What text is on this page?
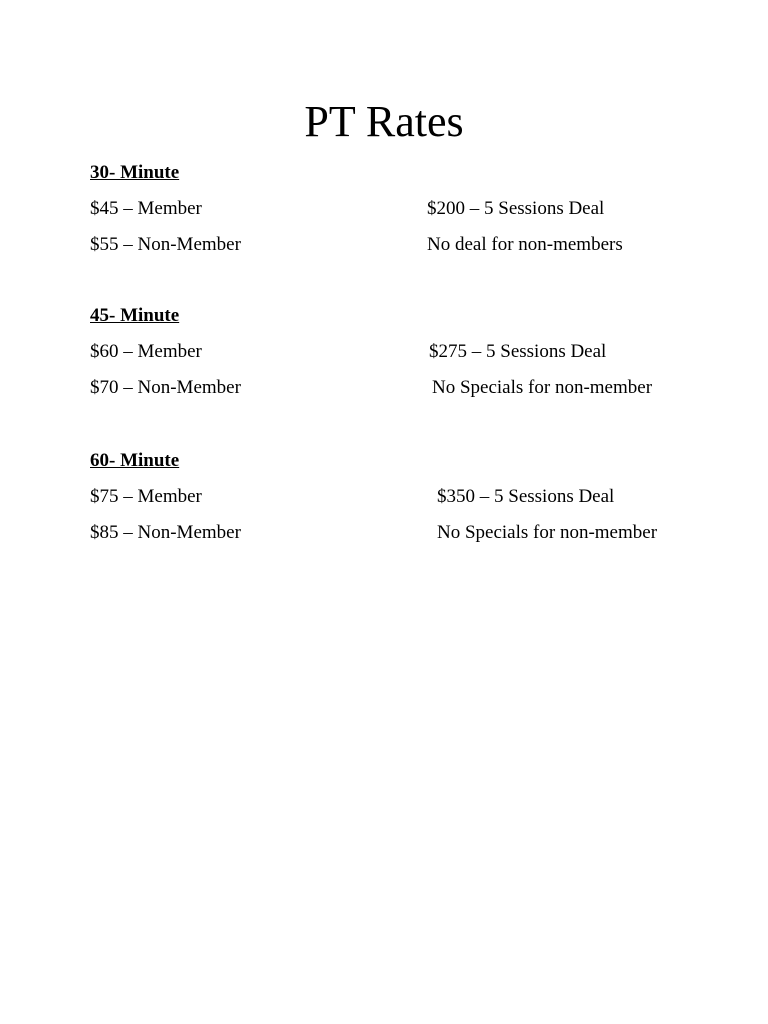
PT Rates
30- Minute
$45 – Member	$200 – 5 Sessions Deal
$55 – Non-Member	No deal for non-members
45- Minute
$60 – Member	$275 – 5 Sessions Deal
$70 – Non-Member	No Specials for non-member
60- Minute
$75 – Member	$350 – 5 Sessions Deal
$85 – Non-Member	No Specials for non-member
